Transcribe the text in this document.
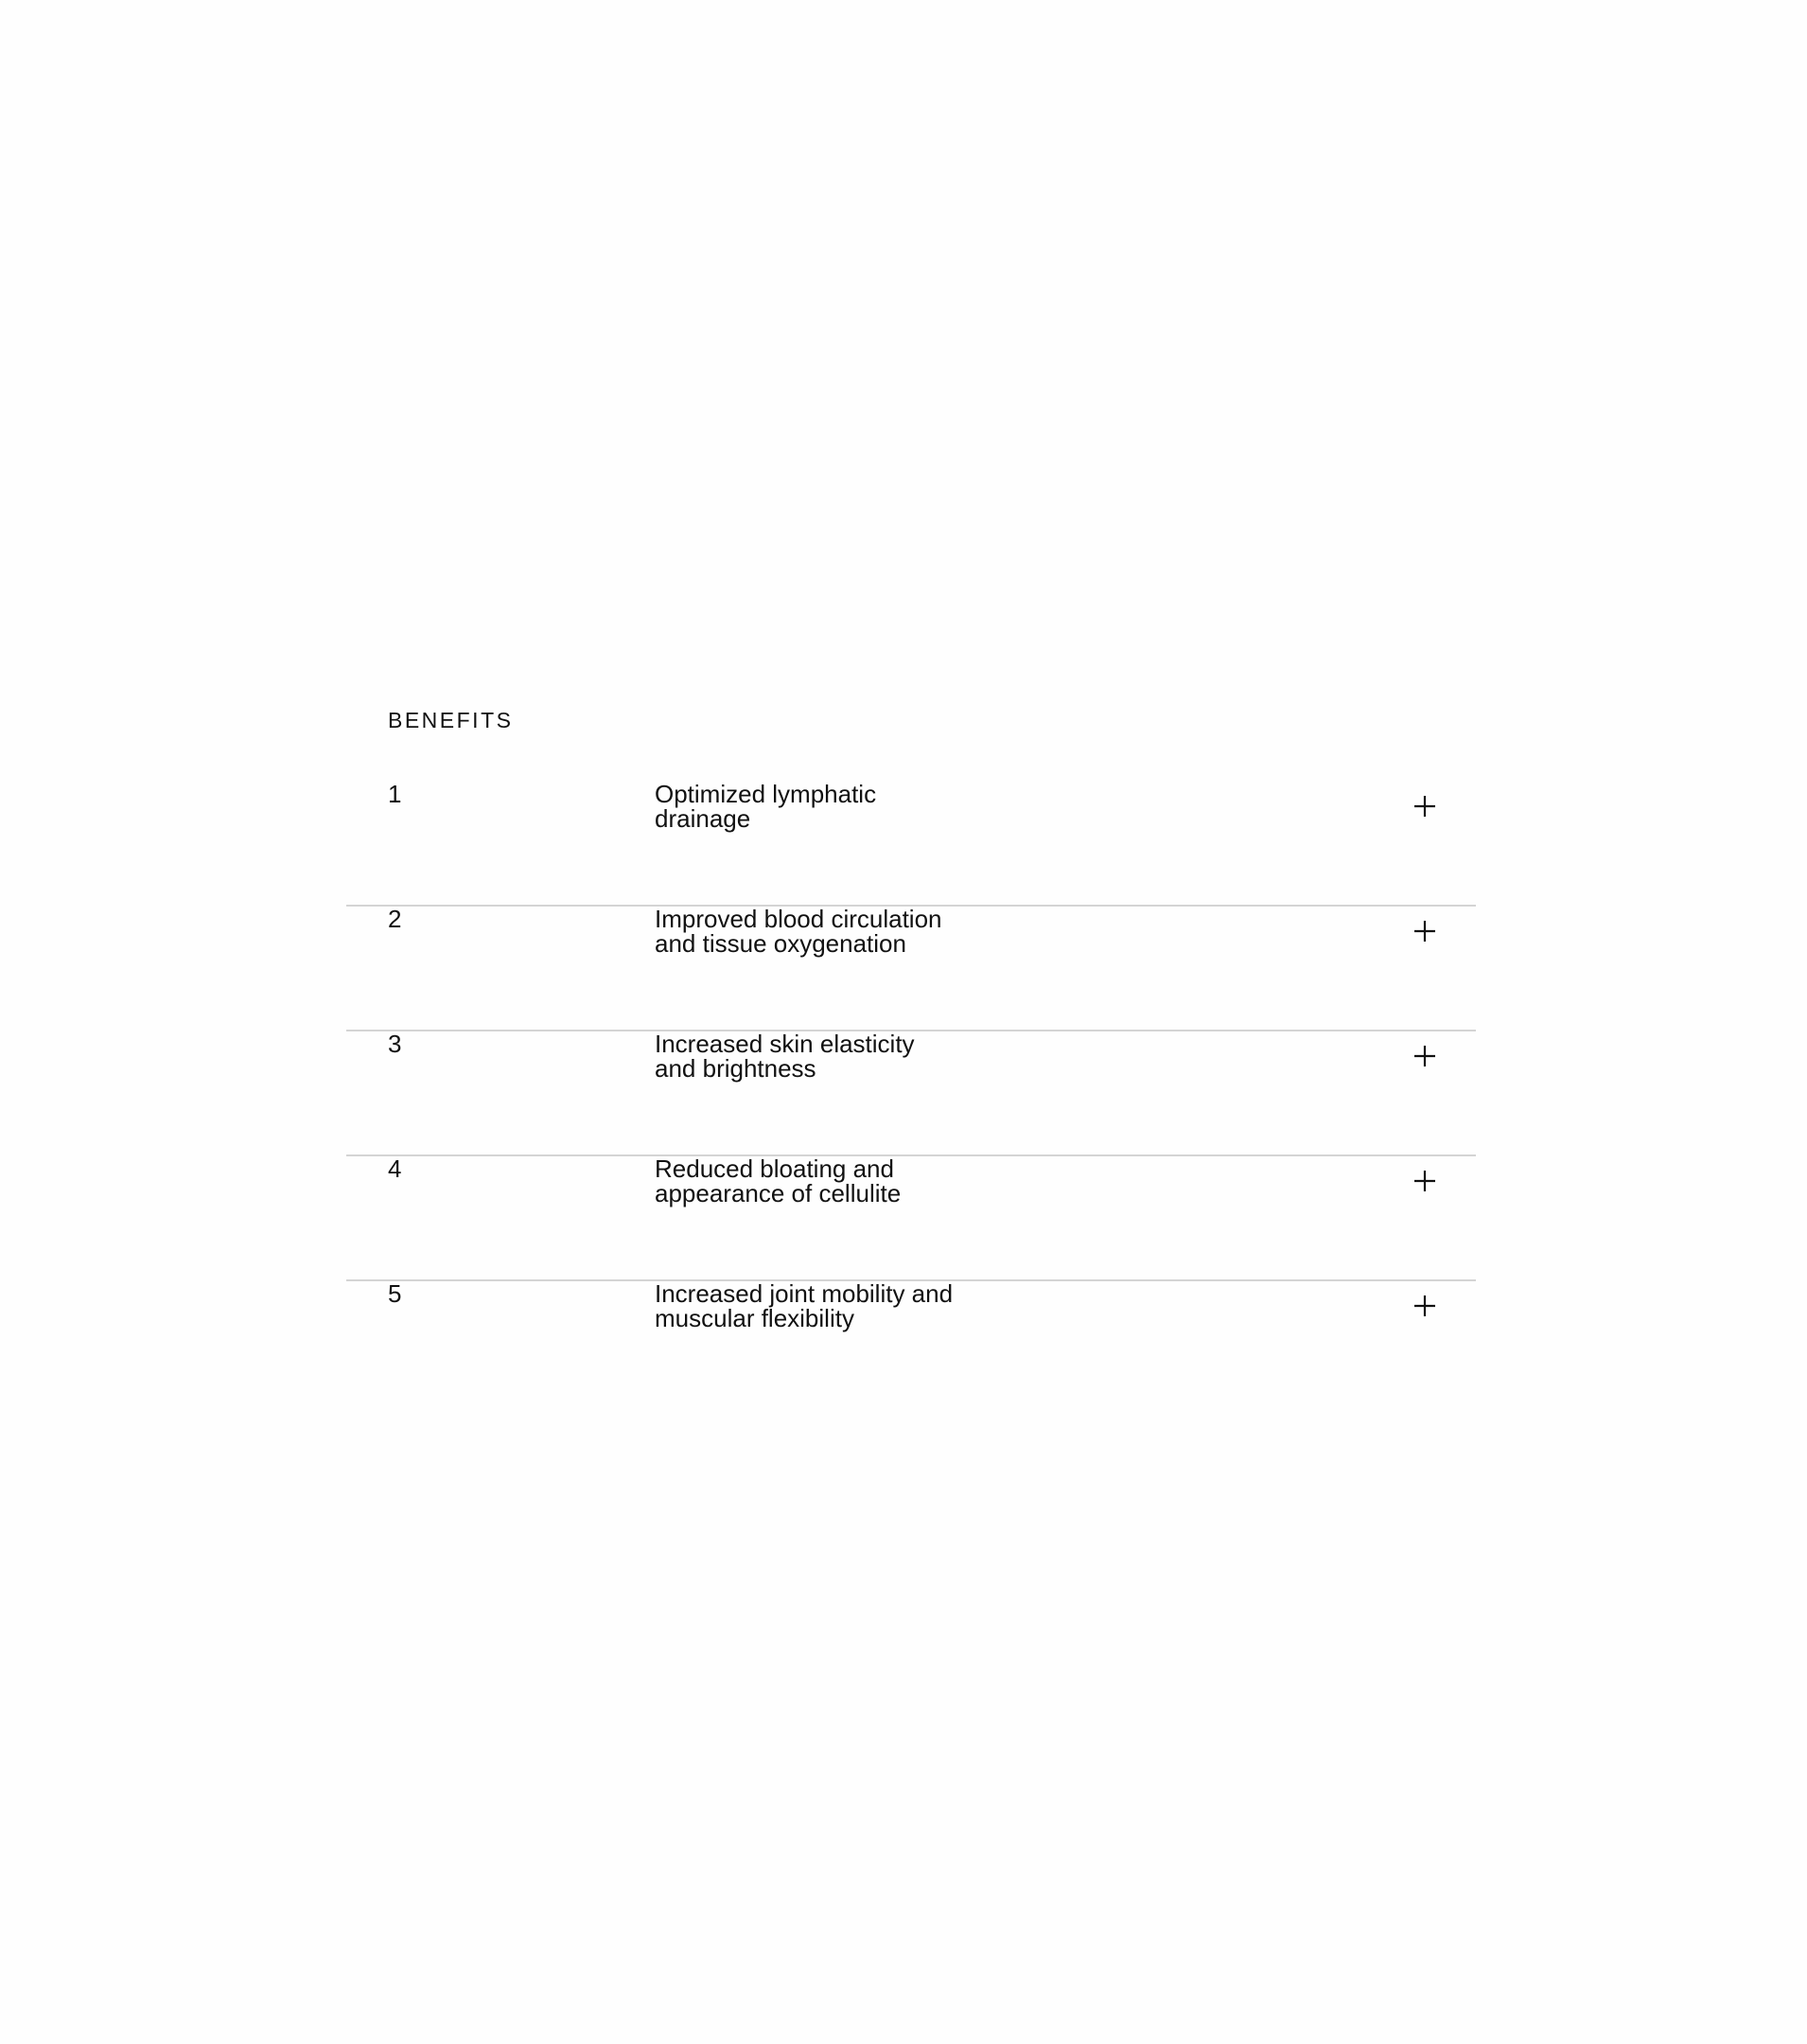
BENEFITS
1	Optimized lymphatic
drainage
2	Improved blood circulation
and tissue oxygenation
3	Increased skin elasticity
and brightness
4	Reduced bloating and
appearance of cellulite
5	Increased joint mobility and
muscular flexibility
